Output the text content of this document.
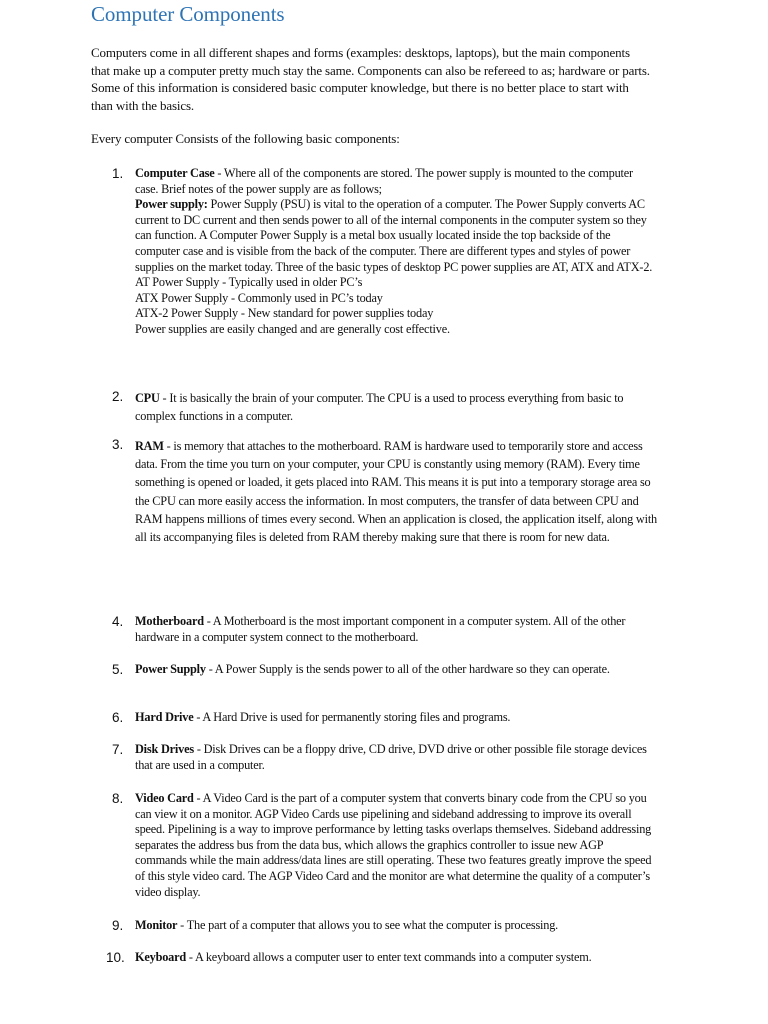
Computer Components
Computers come in all different shapes and forms (examples: desktops, laptops), but the main components that make up a computer pretty much stay the same. Components can also be refereed to as; hardware or parts. Some of this information is considered basic computer knowledge, but there is no better place to start with than with the basics.
Every computer Consists of the following basic components:
1. Computer Case - Where all of the components are stored. The power supply is mounted to the computer case. Brief notes of the power supply are as follows;
Power supply: Power Supply (PSU) is vital to the operation of a computer. The Power Supply converts AC current to DC current and then sends power to all of the internal components in the computer system so they can function. A Computer Power Supply is a metal box usually located inside the top backside of the computer case and is visible from the back of the computer. There are different types and styles of power supplies on the market today. Three of the basic types of desktop PC power supplies are AT, ATX and ATX-2.
AT Power Supply - Typically used in older PC’s
ATX Power Supply - Commonly used in PC’s today
ATX-2 Power Supply - New standard for power supplies today
Power supplies are easily changed and are generally cost effective.
2. CPU - It is basically the brain of your computer. The CPU is a used to process everything from basic to complex functions in a computer.
3. RAM - is memory that attaches to the motherboard. RAM is hardware used to temporarily store and access data. From the time you turn on your computer, your CPU is constantly using memory (RAM). Every time something is opened or loaded, it gets placed into RAM. This means it is put into a temporary storage area so the CPU can more easily access the information. In most computers, the transfer of data between CPU and RAM happens millions of times every second. When an application is closed, the application itself, along with all its accompanying files is deleted from RAM thereby making sure that there is room for new data.
4. Motherboard - A Motherboard is the most important component in a computer system. All of the other hardware in a computer system connect to the motherboard.
5. Power Supply - A Power Supply is the sends power to all of the other hardware so they can operate.
6. Hard Drive - A Hard Drive is used for permanently storing files and programs.
7. Disk Drives - Disk Drives can be a floppy drive, CD drive, DVD drive or other possible file storage devices that are used in a computer.
8. Video Card - A Video Card is the part of a computer system that converts binary code from the CPU so you can view it on a monitor. AGP Video Cards use pipelining and sideband addressing to improve its overall speed. Pipelining is a way to improve performance by letting tasks overlaps themselves. Sideband addressing separates the address bus from the data bus, which allows the graphics controller to issue new AGP commands while the main address/data lines are still operating. These two features greatly improve the speed of this style video card. The AGP Video Card and the monitor are what determine the quality of a computer’s video display.
9. Monitor - The part of a computer that allows you to see what the computer is processing.
10. Keyboard - A keyboard allows a computer user to enter text commands into a computer system.
